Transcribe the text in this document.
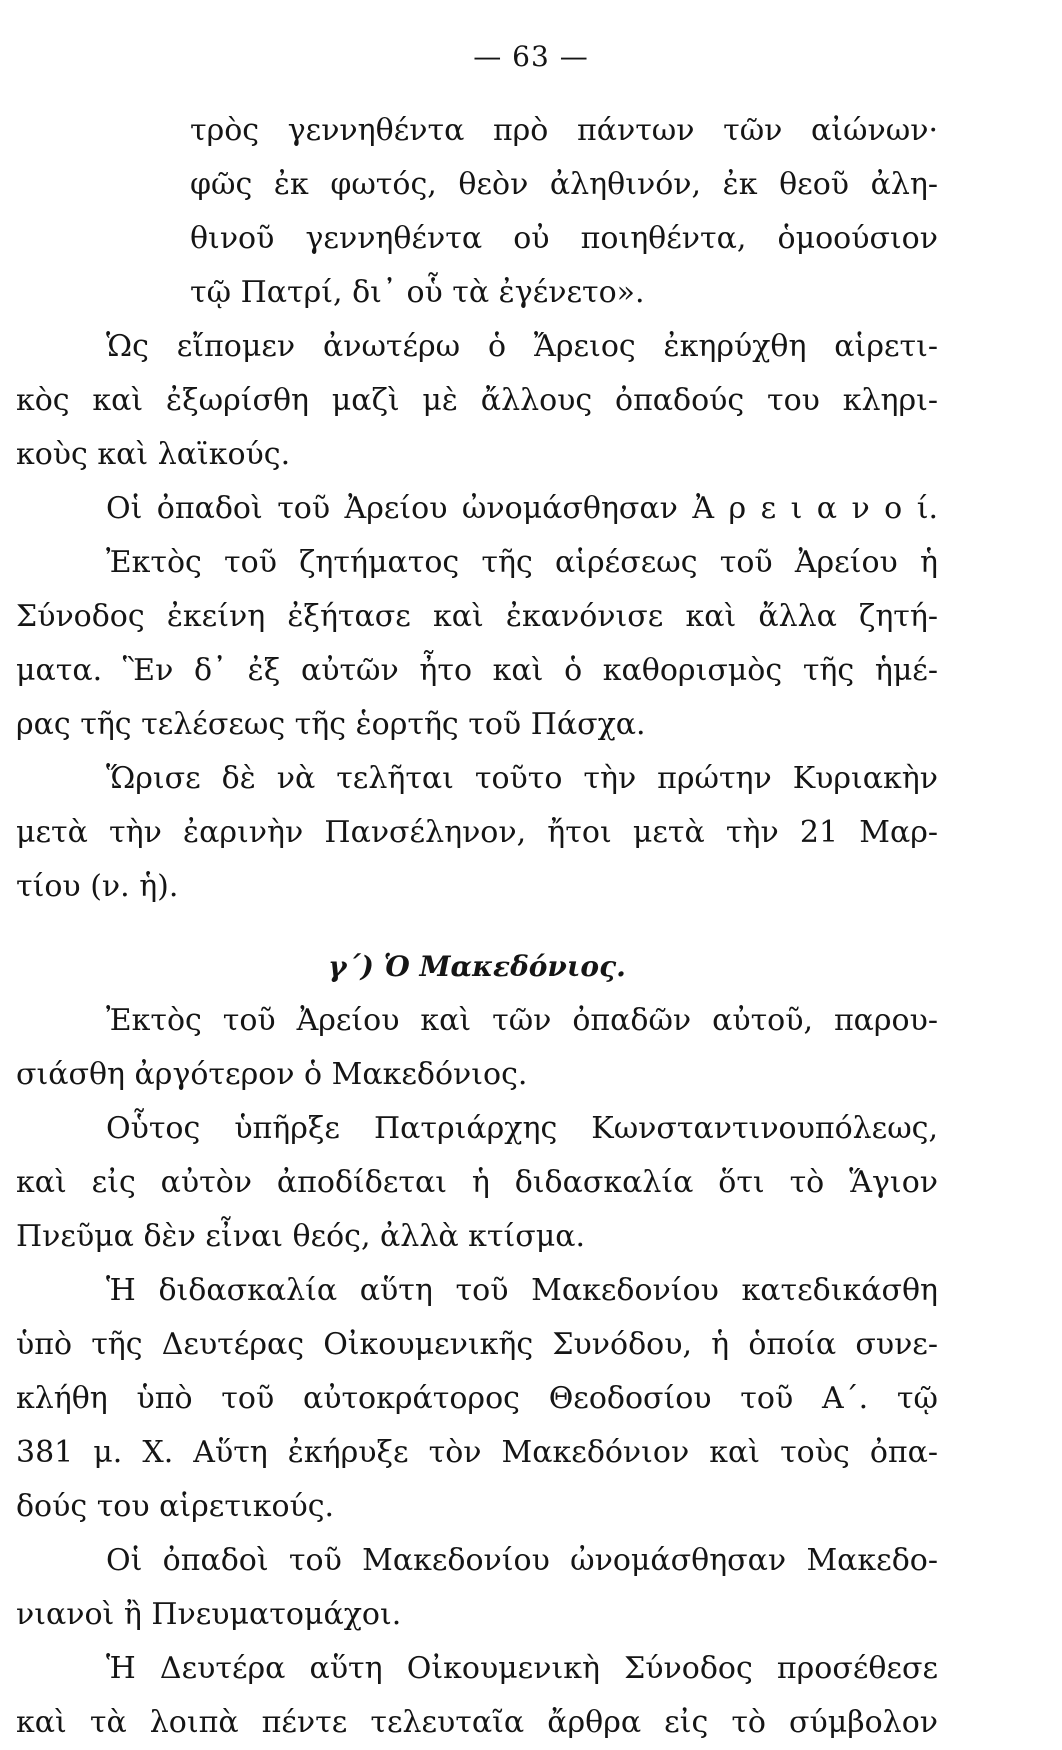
— 63 —
τρὸς γεννηθέντα πρὸ πάντων τῶν αἰώνων·
φῶς ἐκ φωτός, θεὸν ἀληθινόν, ἐκ θεοῦ ἀλη-
θινοῦ γεννηθέντα οὐ ποιηθέντα, ὁμοούσιον
τῷ Πατρί, δι᾿ οὗ τὰ ἐγένετο».
Ὡς εἴπομεν ἀνωτέρω ὁ Ἄρειος ἐκηρύχθη αἱρετι-
κὸς καὶ ἐξωρίσθη μαζὶ μὲ ἄλλους ὀπαδούς του κληρι-
κοὺς καὶ λαϊκούς.
Οἱ ὀπαδοὶ τοῦ Ἀρείου ὠνομάσθησαν Ἀ ρ ε ι α ν ο ί.
Ἐκτὸς τοῦ ζητήματος τῆς αἱρέσεως τοῦ Ἀρείου ἡ
Σύνοδος ἐκείνη ἐξήτασε καὶ ἐκανόνισε καὶ ἄλλα ζητή-
ματα. Ἓν δ᾿ ἐξ αὐτῶν ἦτο καὶ ὁ καθορισμὸς τῆς ἡμέ-
ρας τῆς τελέσεως τῆς ἑορτῆς τοῦ Πάσχα.
Ὥρισε δὲ νὰ τελῆται τοῦτο τὴν πρώτην Κυριακὴν
μετὰ τὴν ἐαρινὴν Πανσέληνον, ἤτοι μετὰ τὴν 21 Μαρ-
τίου (ν. ἡ).
γ΄) Ὁ Μακεδόνιος.
Ἐκτὸς τοῦ Ἀρείου καὶ τῶν ὀπαδῶν αὐτοῦ, παρου-
σιάσθη ἀργότερον ὁ Μακεδόνιος.
Οὗτος ὑπῆρξε Πατριάρχης Κωνσταντινουπόλεως,
καὶ εἰς αὐτὸν ἀποδίδεται ἡ διδασκαλία ὅτι τὸ Ἅγιον
Πνεῦμα δὲν εἶναι θεός, ἀλλὰ κτίσμα.
Ἡ διδασκαλία αὕτη τοῦ Μακεδονίου κατεδικάσθη
ὑπὸ τῆς Δευτέρας Οἰκουμενικῆς Συνόδου, ἡ ὁποία συνε-
κλήθη ὑπὸ τοῦ αὐτοκράτορος Θεοδοσίου τοῦ Α΄. τῷ
381 μ. Χ. Αὕτη ἐκήρυξε τὸν Μακεδόνιον καὶ τοὺς ὀπα-
δούς του αἱρετικούς.
Οἱ ὀπαδοὶ τοῦ Μακεδονίου ὠνομάσθησαν Μακεδο-
νιανοὶ ἢ Πνευματομάχοι.
Ἡ Δευτέρα αὕτη Οἰκουμενικὴ Σύνοδος προσέθεσε
καὶ τὰ λοιπὰ πέντε τελευταῖα ἄρθρα εἰς τὸ σύμβολον
